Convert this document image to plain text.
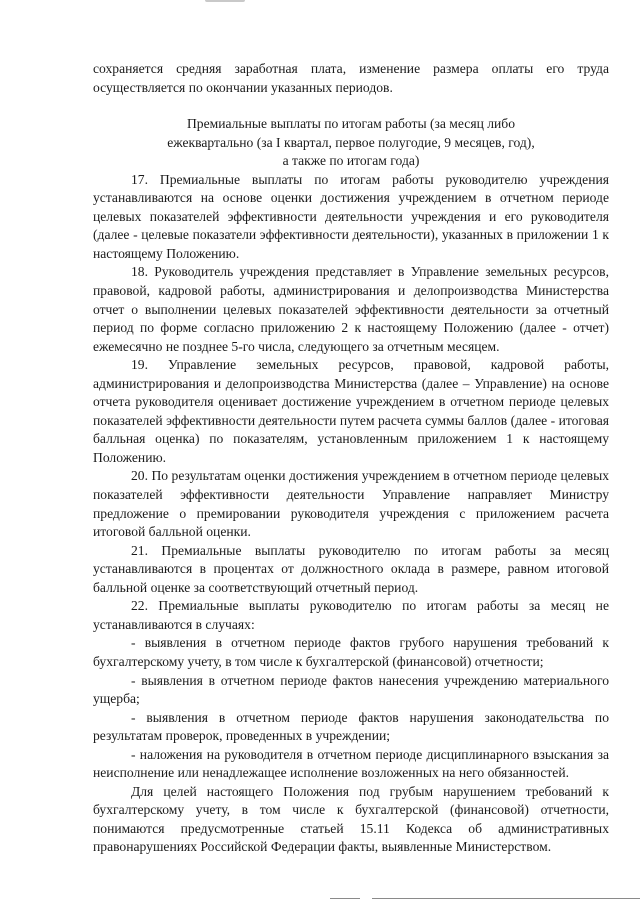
сохраняется средняя заработная плата, изменение размера оплаты его труда осуществляется по окончании указанных периодов.

Премиальные выплаты по итогам работы (за месяц либо
ежеквартально (за I квартал, первое полугодие, 9 месяцев, год),
а также по итогам года)

17. Премиальные выплаты по итогам работы руководителю учреждения устанавливаются на основе оценки достижения учреждением в отчетном периоде целевых показателей эффективности деятельности учреждения и его руководителя (далее - целевые показатели эффективности деятельности), указанных в приложении 1 к настоящему Положению.

18. Руководитель учреждения представляет в Управление земельных ресурсов, правовой, кадровой работы, администрирования и делопроизводства Министерства отчет о выполнении целевых показателей эффективности деятельности за отчетный период по форме согласно приложению 2 к настоящему Положению (далее - отчет) ежемесячно не позднее 5-го числа, следующего за отчетным месяцем.

19. Управление земельных ресурсов, правовой, кадровой работы, администрирования и делопроизводства Министерства (далее – Управление) на основе отчета руководителя оценивает достижение учреждением в отчетном периоде целевых показателей эффективности деятельности путем расчета суммы баллов (далее - итоговая балльная оценка) по показателям, установленным приложением 1 к настоящему Положению.

20. По результатам оценки достижения учреждением в отчетном периоде целевых показателей эффективности деятельности Управление направляет Министру предложение о премировании руководителя учреждения с приложением расчета итоговой балльной оценки.

21. Премиальные выплаты руководителю по итогам работы за месяц устанавливаются в процентах от должностного оклада в размере, равном итоговой балльной оценке за соответствующий отчетный период.

22. Премиальные выплаты руководителю по итогам работы за месяц не устанавливаются в случаях:

- выявления в отчетном периоде фактов грубого нарушения требований к бухгалтерскому учету, в том числе к бухгалтерской (финансовой) отчетности;

- выявления в отчетном периоде фактов нанесения учреждению материального ущерба;

- выявления в отчетном периоде фактов нарушения законодательства по результатам проверок, проведенных в учреждении;

- наложения на руководителя в отчетном периоде дисциплинарного взыскания за неисполнение или ненадлежащее исполнение возложенных на него обязанностей.

Для целей настоящего Положения под грубым нарушением требований к бухгалтерскому учету, в том числе к бухгалтерской (финансовой) отчетности, понимаются предусмотренные статьей 15.11 Кодекса об административных правонарушениях Российской Федерации факты, выявленные Министерством.
